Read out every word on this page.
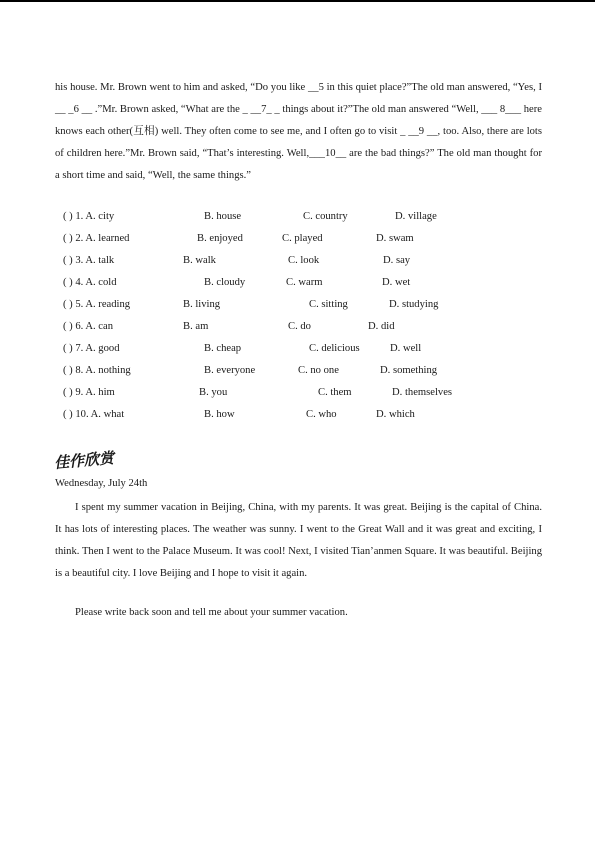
his house. Mr. Brown went to him and asked, “Do you like __5 in this quiet place?”The old man answered, “Yes, I __ _6 __ .”Mr. Brown asked, “What are the _ __7_ _ things about it?”The old man answered “Well, ___ 8___ here knows each other(互相) well. They often come to see me, and I often go to visit _ __9 __, too. Also, there are lots of children here.”Mr. Brown said, “That’s interesting. Well,___10__ are the bad things?” The old man thought for a short time and said, “Well, the same things.”

( ) 1. A. city	B. house	C. country	D. village
( ) 2. A. learned	B. enjoyed	C. played	D. swam
( ) 3. A. talk	B. walk	C. look	D. say
( ) 4. A. cold	B. cloudy	C. warm	D. wet
( ) 5. A. reading	B. living	C. sitting	D. studying
( ) 6. A. can	B. am	C. do	D. did
( ) 7. A. good	B. cheap	C. delicious	D. well
( ) 8. A. nothing	B. everyone	C. no one	D. something
( ) 9. A. him	B. you	C. them	D. themselves
( ) 10. A. what	B. how	C. who	D. which

佳作欣赏

Wednesday, July 24th

I spent my summer vacation in Beijing, China, with my parents. It was great. Beijing is the capital of China. It has lots of interesting places. The weather was sunny. I went to the Great Wall and it was great and exciting, I think. Then I went to the Palace Museum. It was cool! Next, I visited Tian’anmen Square. It was beautiful. Beijing is a beautiful city. I love Beijing and I hope to visit it again.

Please write back soon and tell me about your summer vacation.
